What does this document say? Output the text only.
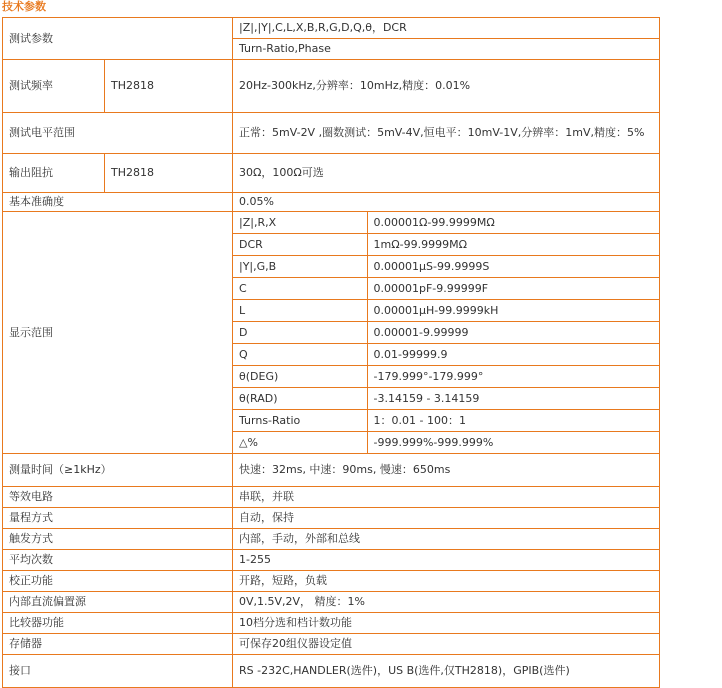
技术参数
测试参数	
|Z|,|Y|,C,L,X,B,R,G,D,Q,θ，DCR
Turn-Ratio,Phase

测试频率	TH2818	20Hz-300kHz,分辨率：10mHz,精度：0.01%
测试电平范围	正常：5mV-2V ,圈数测试：5mV-4V,恒电平：10mV-1V,分辨率：1mV,精度：5%
输出阻抗	TH2818	30Ω，100Ω可选
基本准确度	0.05%
显示范围	
|Z|,R,X	0.00001Ω-99.9999MΩ
DCR	1mΩ-99.9999MΩ
|Y|,G,B	0.00001μS-99.9999S
C	0.00001pF-9.99999F
L	0.00001μH-99.9999kH
D	0.00001-9.99999
Q	0.01-99999.9
θ(DEG)	-179.999°-179.999°
θ(RAD)	-3.14159 - 3.14159
Turns-Ratio	1：0.01 - 100：1
△%	-999.999%-999.999%

测量时间（≥1kHz）	快速：32ms, 中速：90ms, 慢速：650ms
等效电路	串联，并联
量程方式	自动，保持
触发方式	内部，手动，外部和总线
平均次数	1-255
校正功能	开路，短路，负载
内部直流偏置源	0V,1.5V,2V， 精度：1%
比较器功能	10档分选和档计数功能
存储器	可保存20组仪器设定值
接口	RS -232C,HANDLER(选件)，US B(选件,仅TH2818)，GPIB(选件)
